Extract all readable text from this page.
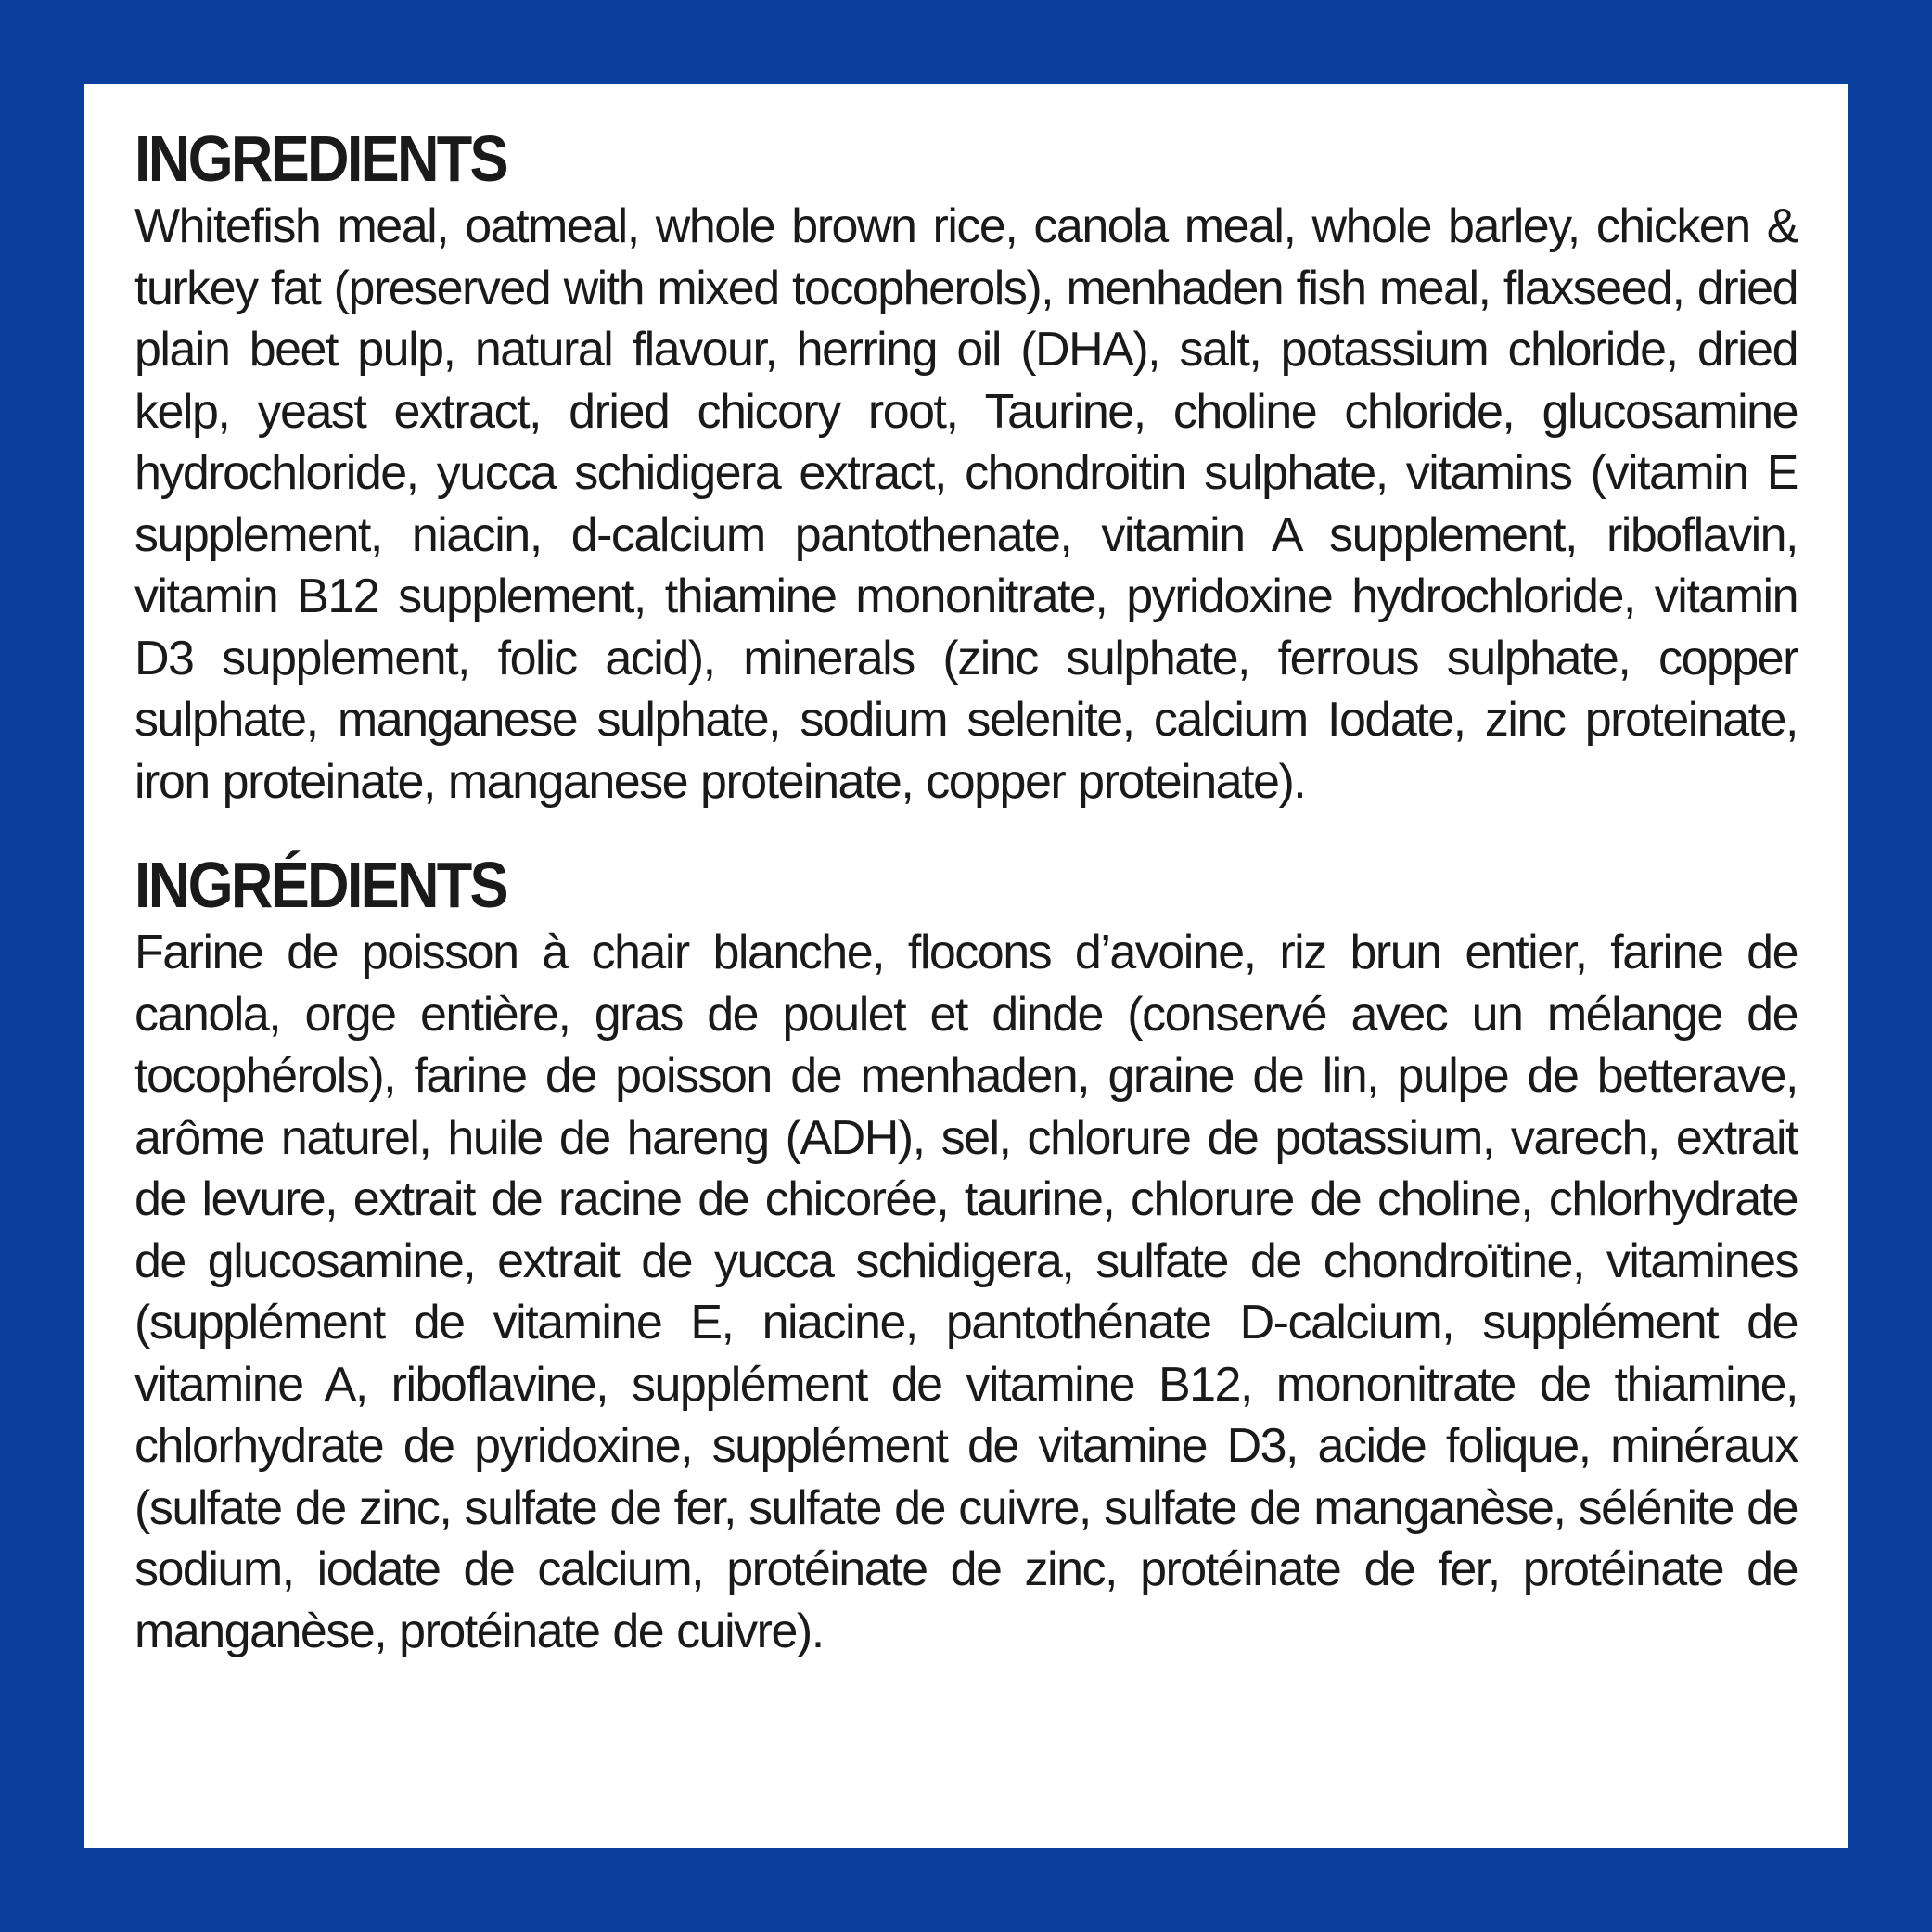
INGREDIENTS

Whitefish meal, oatmeal, whole brown rice, canola meal, whole barley, chicken & turkey fat (preserved with mixed tocopherols), menhaden fish meal, flaxseed, dried plain beet pulp, natural flavour, herring oil (DHA), salt, potassium chloride, dried kelp, yeast extract, dried chicory root, Taurine, choline chloride, glucosamine hydrochloride, yucca schidigera extract, chondroitin sulphate, vitamins (vitamin E supplement, niacin, d-calcium pantothenate, vitamin A supplement, riboflavin, vitamin B12 supplement, thiamine mononitrate, pyridoxine hydrochloride, vitamin D3 supplement, folic acid), minerals (zinc sulphate, ferrous sulphate, copper sulphate, manganese sulphate, sodium selenite, calcium Iodate, zinc proteinate, iron proteinate, manganese proteinate, copper proteinate).

INGRÉDIENTS

Farine de poisson à chair blanche, flocons d’avoine, riz brun entier, farine de canola, orge entière, gras de poulet et dinde (conservé avec un mélange de tocophérols), farine de poisson de menhaden, graine de lin, pulpe de betterave, arôme naturel, huile de hareng (ADH), sel, chlorure de potassium, varech, extrait de levure, extrait de racine de chicorée, taurine, chlorure de choline, chlorhydrate de glucosamine, extrait de yucca schidigera, sulfate de chondroïtine, vitamines (supplément de vitamine E, niacine, pantothénate D-calcium, supplément de vitamine A, riboflavine, supplément de vitamine B12, mononitrate de thiamine, chlorhydrate de pyridoxine, supplément de vitamine D3, acide folique, minéraux (sulfate de zinc, sulfate de fer, sulfate de cuivre, sulfate de manganèse, sélénite de sodium, iodate de calcium, protéinate de zinc, protéinate de fer, protéinate de manganèse, protéinate de cuivre).
